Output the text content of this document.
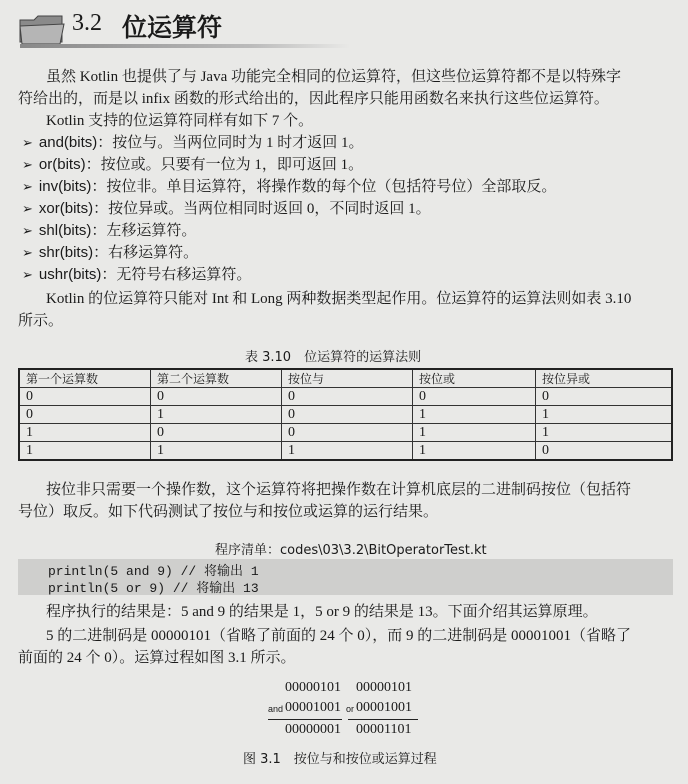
3.2 位运算符
虽然 Kotlin 也提供了与 Java 功能完全相同的位运算符，但这些位运算符都不是以特殊字
符给出的，而是以 infix 函数的形式给出的，因此程序只能用函数名来执行这些位运算符。
Kotlin 支持的位运算符同样有如下 7 个。
➢ and(bits)：按位与。当两位同时为 1 时才返回 1。
➢ or(bits)：按位或。只要有一位为 1，即可返回 1。
➢ inv(bits)：按位非。单目运算符，将操作数的每个位（包括符号位）全部取反。
➢ xor(bits)：按位异或。当两位相同时返回 0，不同时返回 1。
➢ shl(bits)：左移运算符。
➢ shr(bits)：右移运算符。
➢ ushr(bits)：无符号右移运算符。
Kotlin 的位运算符只能对 Int 和 Long 两种数据类型起作用。位运算符的运算法则如表 3.10
所示。
表 3.10　位运算符的运算法则
第一个运算数	第二个运算数	按位与	按位或	按位异或
0	0	0	0	0
0	1	0	1	1
1	0	0	1	1
1	1	1	1	0
按位非只需要一个操作数，这个运算符将把操作数在计算机底层的二进制码按位（包括符
号位）取反。如下代码测试了按位与和按位或运算的运行结果。
程序清单：codes\03\3.2\BitOperatorTest.kt
println(5 and 9) // 将输出 1
println(5 or 9) // 将输出 13
程序执行的结果是：5 and 9 的结果是 1，5 or 9 的结果是 13。下面介绍其运算原理。
5 的二进制码是 00000101（省略了前面的 24 个 0），而 9 的二进制码是 00001001（省略了
前面的 24 个 0）。运算过程如图 3.1 所示。
00000101
and 00001001
00000001
00000101
or 00001001
00001101
图 3.1　按位与和按位或运算过程
